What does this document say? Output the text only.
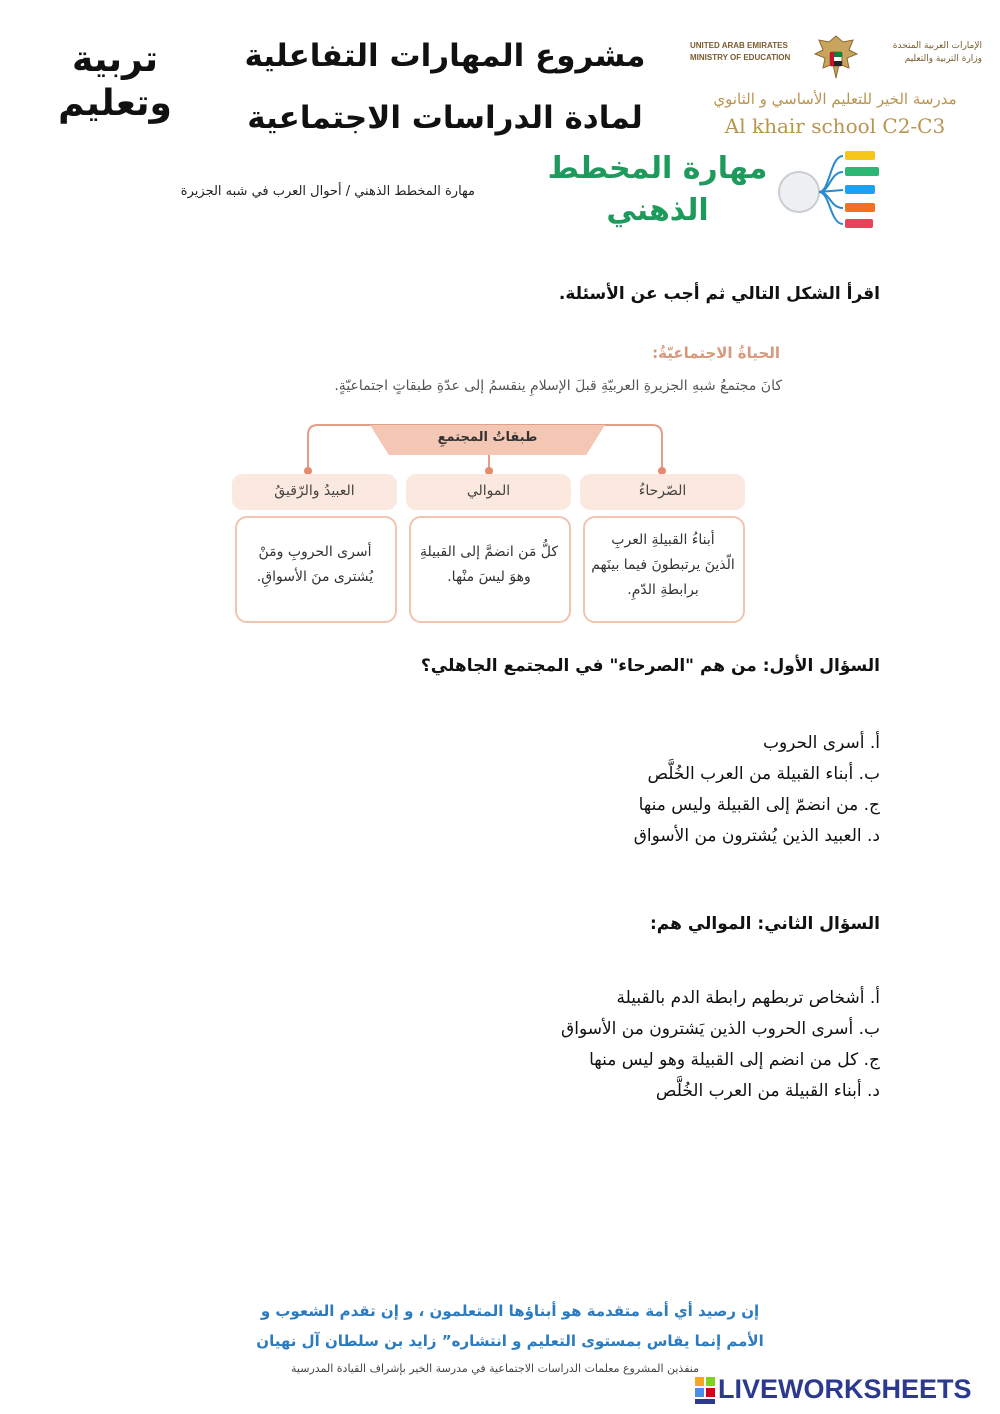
تربية
وتعليم
مشروع المهارات التفاعلية
لمادة الدراسات الاجتماعية
UNITED ARAB EMIRATES
MINISTRY OF EDUCATION
الإمارات العربية المتحدة
وزارة التربية والتعليم
مدرسة الخير للتعليم الأساسي و الثانوي
Al khair school C2-C3
مهارة المخطط
الذهني
مهارة المخطط الذهني / أحوال العرب في شبه الجزيرة
اقرأ الشكل التالي ثم أجب عن الأسئلة.
الحياةُ الاجتماعيّةُ:
كانَ مجتمعُ شبهِ الجزيرةِ العربيّةِ قبلَ الإسلامِ ينقسمُ إلى عدّةِ طبقاتٍ اجتماعيّةٍ.
طبقاتُ المجتمعِ
الصّرحاءُ
أبناءُ القبيلةِ العربِ
الّذينَ يرتبطونَ فيما بينَهم
برابطةِ الدّمِ.
الموالي
كلُّ مَن انضمَّ إلى القبيلةِ
وهوَ ليسَ منْها.
العبيدُ والرّقيقُ
أسرى الحروبِ ومَنْ
يُشترى منَ الأسواقِ.
السؤال الأول: من هم "الصرحاء" في المجتمع الجاهلي؟
أ. أسرى الحروب
ب. أبناء القبيلة من العرب الخُلَّص
ج. من انضمّ إلى القبيلة وليس منها
د. العبيد الذين يُشترون من الأسواق
السؤال الثاني: الموالي هم:
أ. أشخاص تربطهم رابطة الدم بالقبيلة
ب. أسرى الحروب الذين يَشترون من الأسواق
ج. كل من انضم إلى القبيلة وهو ليس منها
د. أبناء القبيلة من العرب الخُلَّص
إن رصيد أي أمة متقدمة هو أبناؤها المتعلمون ، و إن تقدم الشعوب و
الأمم إنما يقاس بمستوى التعليم و انتشاره” زايد بن سلطان آل نهيان
منفذين المشروع معلمات الدراسات الاجتماعية في مدرسة الخير بإشراف القيادة المدرسية
LIVEWORKSHEETS
